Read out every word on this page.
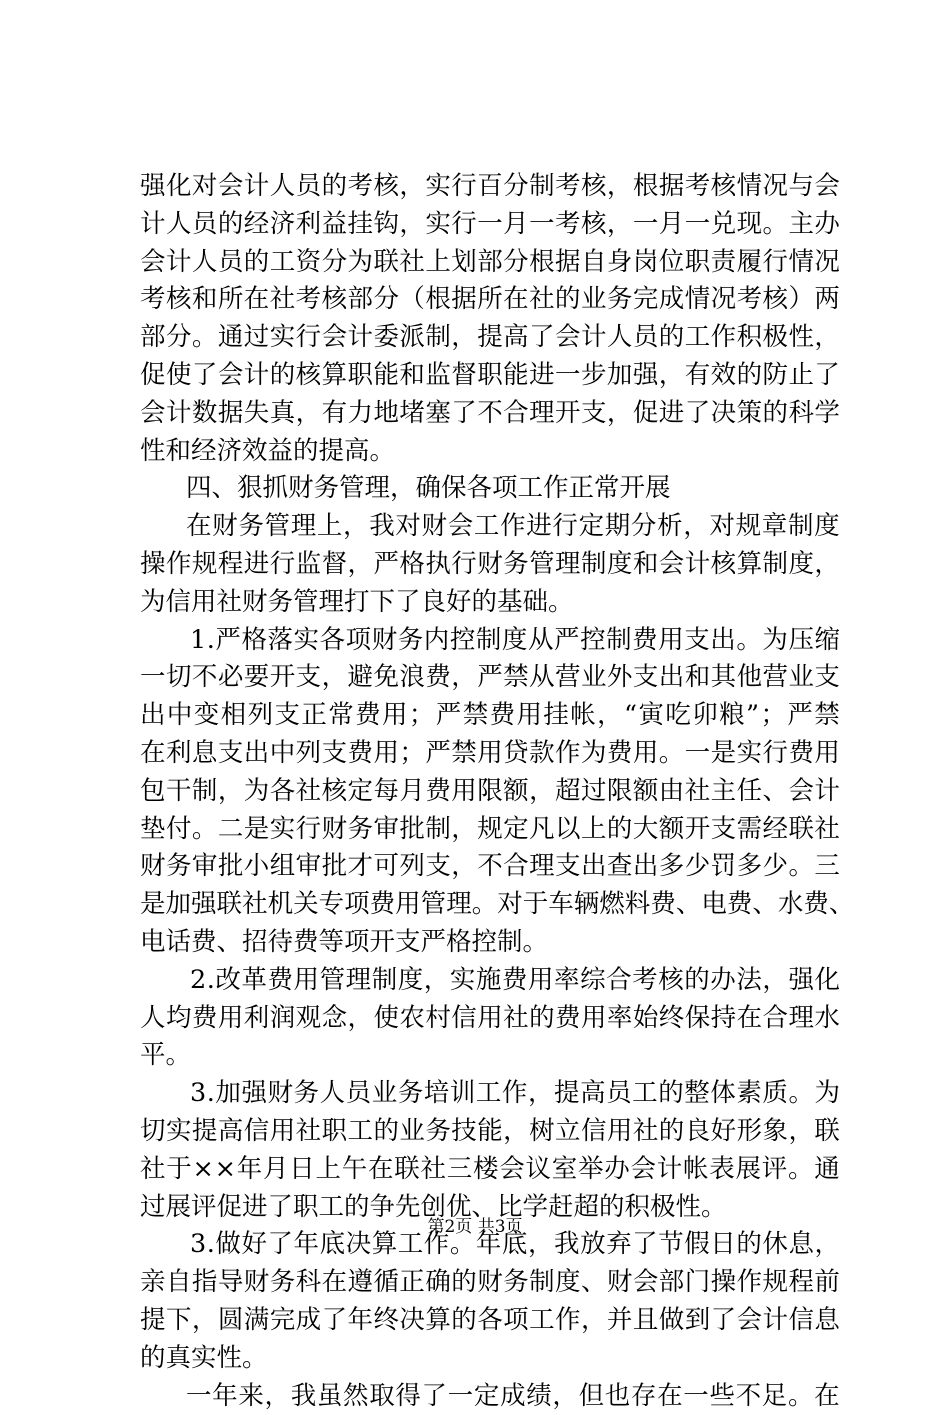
强 化 对 会 计 人 员 的 考 核 ， 实 行 百 分 制 考 核 ， 根 据 考 核 情 况 与 会
计 人 员 的 经 济 利 益 挂 钩 ， 实 行 一 月 一 考 核 ， 一 月 一 兑 现 。 主 办
会 计 人 员 的 工 资 分 为 联 社 上 划 部 分 根 据 自 身 岗 位 职 责 履 行 情 况
考 核 和 所 在 社 考 核 部 分 （ 根 据 所 在 社 的 业 务 完 成 情 况 考 核 ） 两
部 分 。 通 过 实 行 会 计 委 派 制 ， 提 高 了 会 计 人 员 的 工 作 积 极 性 ，
促 使 了 会 计 的 核 算 职 能 和 监 督 职 能 进 一 步 加 强 ， 有 效 的 防 止 了
会 计 数 据 失 真 ， 有 力 地 堵 塞 了 不 合 理 开 支 ， 促 进 了 决 策 的 科 学
性和经济效益的提高。
四、狠抓财务管理，确保各项工作正常开展
在 财 务 管 理 上 ， 我 对 财 会 工 作 进 行 定 期 分 析 ， 对 规 章 制 度
操 作 规 程 进 行 监 督 ， 严 格 执 行 财 务 管 理 制 度 和 会 计 核 算 制 度 ，
为信用社财务管理打下了良好的基础。
1 . 严 格 落 实 各 项 财 务 内 控 制 度 从 严 控 制 费 用 支 出 。 为 压 缩
一 切 不 必 要 开 支 ， 避 免 浪 费 ， 严 禁 从 营 业 外 支 出 和 其 他 营 业 支
出 中 变 相 列 支 正 常 费 用 ； 严 禁 费 用 挂 帐 ， “ 寅 吃 卯 粮 ” ； 严 禁
在 利 息 支 出 中 列 支 费 用 ； 严 禁 用 贷 款 作 为 费 用 。 一 是 实 行 费 用
包 干 制 ， 为 各 社 核 定 每 月 费 用 限 额 ， 超 过 限 额 由 社 主 任 、 会 计
垫 付 。 二 是 实 行 财 务 审 批 制 ， 规 定 凡 以 上 的 大 额 开 支 需 经 联 社
财 务 审 批 小 组 审 批 才 可 列 支 ， 不 合 理 支 出 查 出 多 少 罚 多 少 。 三
是 加 强 联 社 机 关 专 项 费 用 管 理 。 对 于 车 辆 燃 料 费 、 电 费 、 水 费 、
电话费、招待费等项开支严格控制。
2 . 改 革 费 用 管 理 制 度 ， 实 施 费 用 率 综 合 考 核 的 办 法 ， 强 化
人 均 费 用 利 润 观 念 ， 使 农 村 信 用 社 的 费 用 率 始 终 保 持 在 合 理 水
平。
3 . 加 强 财 务 人 员 业 务 培 训 工 作 ， 提 高 员 工 的 整 体 素 质 。 为
切 实 提 高 信 用 社 职 工 的 业 务 技 能 ， 树 立 信 用 社 的 良 好 形 象 ， 联
社 于 × × 年 月 日 上 午 在 联 社 三 楼 会 议 室 举 办 会 计 帐 表 展 评 。 通
过展评促进了职工的争先创优、比学赶超的积极性。
3 . 做 好 了 年 底 决 算 工 作 。 年 底 ， 我 放 弃 了 节 假 日 的 休 息 ，
亲 自 指 导 财 务 科 在 遵 循 正 确 的 财 务 制 度 、 财 会 部 门 操 作 规 程 前
提 下 ， 圆 满 完 成 了 年 终 决 算 的 各 项 工 作 ， 并 且 做 到 了 会 计 信 息
的真实性。
一 年 来 ， 我 虽 然 取 得 了 一 定 成 绩 ， 但 也 存 在 一 些 不 足 。 在
第2页 共3页
